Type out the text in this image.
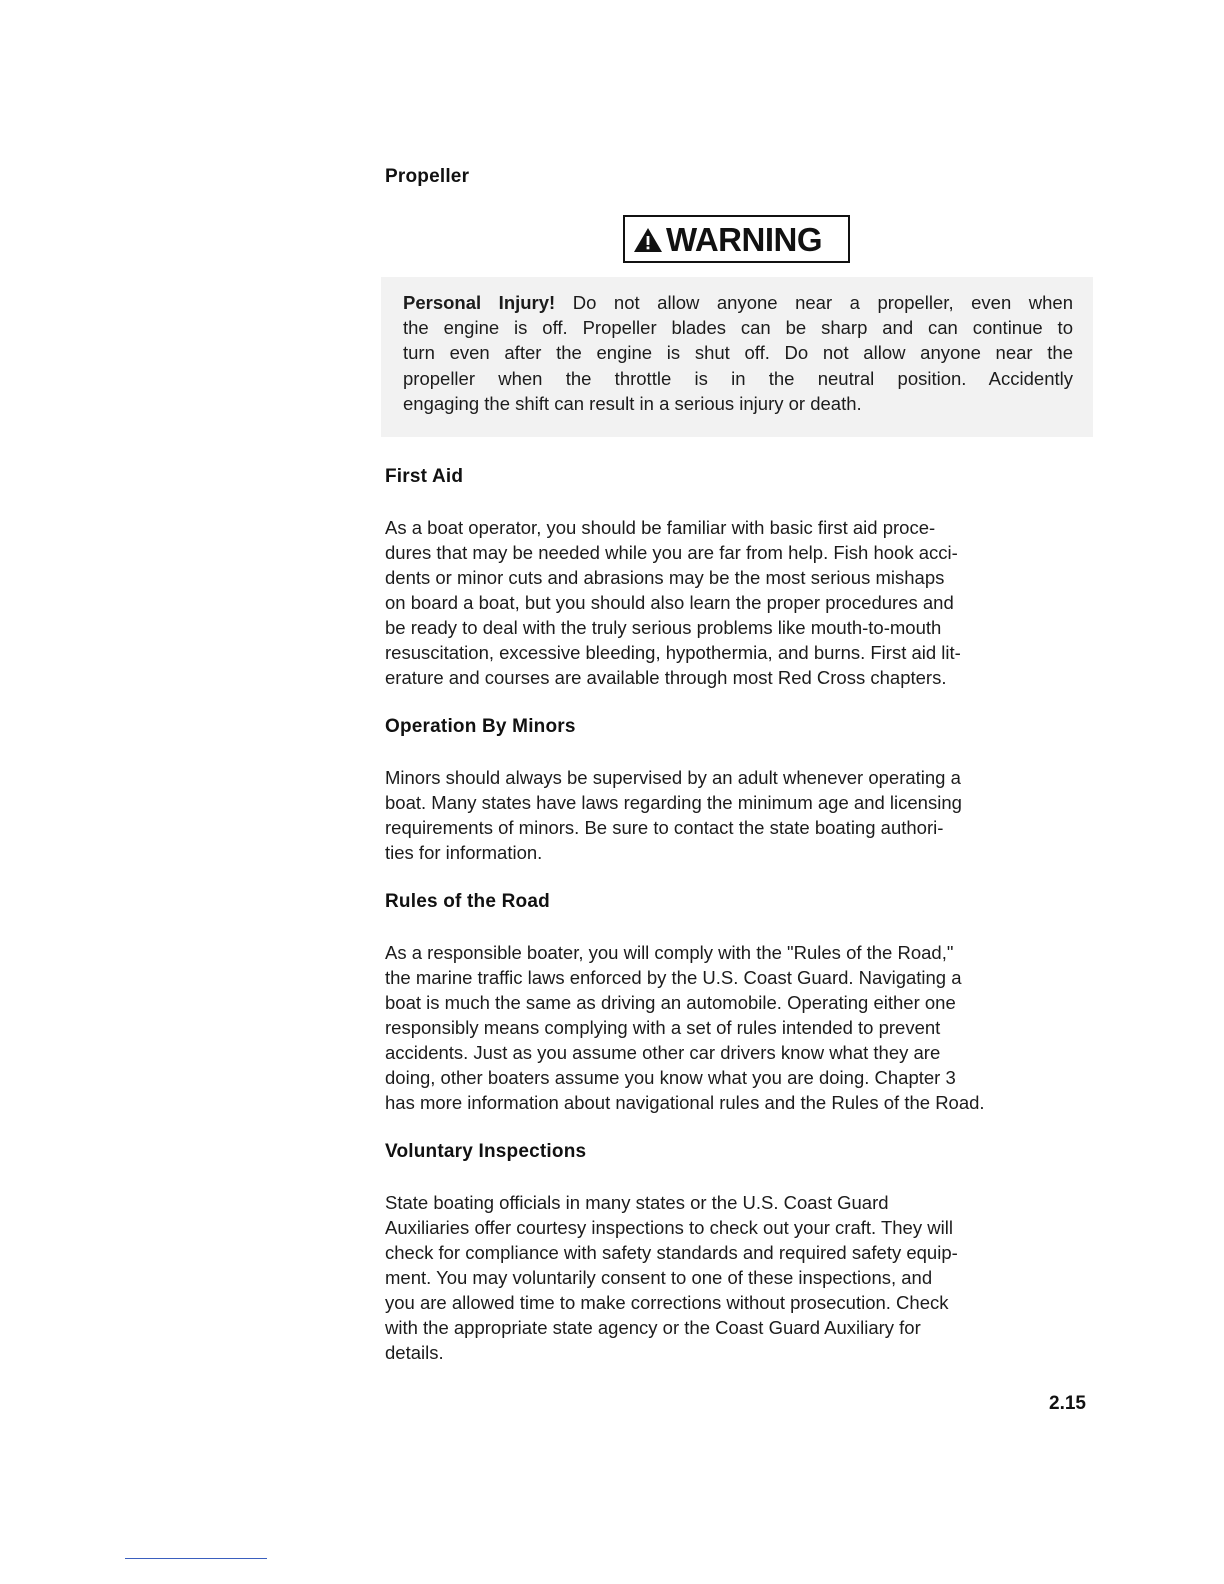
Propeller
WARNING
Personal Injury! Do not allow anyone near a propeller, even when
the engine is off. Propeller blades can be sharp and can continue to
turn even after the engine is shut off. Do not allow anyone near the
propeller when the throttle is in the neutral position. Accidently
engaging the shift can result in a serious injury or death.
First Aid
As a boat operator, you should be familiar with basic first aid proce-
dures that may be needed while you are far from help. Fish hook acci-
dents or minor cuts and abrasions may be the most serious mishaps
on board a boat, but you should also learn the proper procedures and
be ready to deal with the truly serious problems like mouth-to-mouth
resuscitation, excessive bleeding, hypothermia, and burns. First aid lit-
erature and courses are available through most Red Cross chapters.
Operation By Minors
Minors should always be supervised by an adult whenever operating a
boat. Many states have laws regarding the minimum age and licensing
requirements of minors. Be sure to contact the state boating authori-
ties for information.
Rules of the Road
As a responsible boater, you will comply with the "Rules of the Road,"
the marine traffic laws enforced by the U.S. Coast Guard. Navigating a
boat is much the same as driving an automobile. Operating either one
responsibly means complying with a set of rules intended to prevent
accidents. Just as you assume other car drivers know what they are
doing, other boaters assume you know what you are doing. Chapter 3
has more information about navigational rules and the Rules of the Road.
Voluntary Inspections
State boating officials in many states or the U.S. Coast Guard
Auxiliaries offer courtesy inspections to check out your craft. They will
check for compliance with safety standards and required safety equip-
ment. You may voluntarily consent to one of these inspections, and
you are allowed time to make corrections without prosecution. Check
with the appropriate state agency or the Coast Guard Auxiliary for
details.
2.15
